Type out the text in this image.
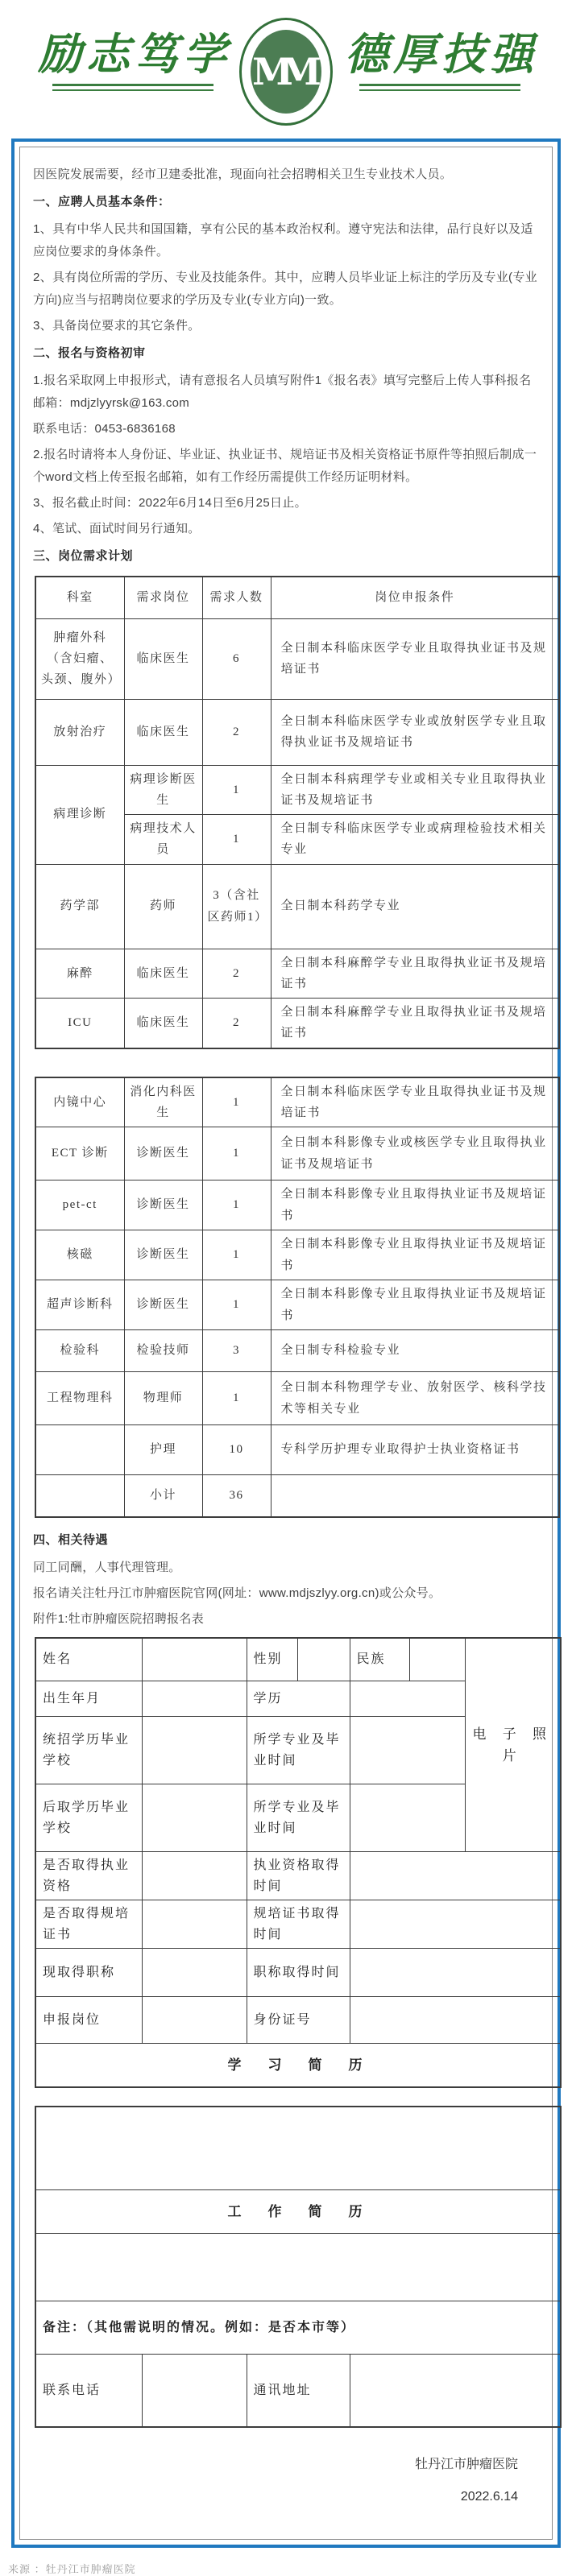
励志笃学 MM 德厚技强

因医院发展需要，经市卫建委批准，现面向社会招聘相关卫生专业技术人员。

一、应聘人员基本条件：

1、具有中华人民共和国国籍，享有公民的基本政治权利。遵守宪法和法律，品行良好以及适应岗位要求的身体条件。

2、具有岗位所需的学历、专业及技能条件。其中，应聘人员毕业证上标注的学历及专业(专业方向)应当与招聘岗位要求的学历及专业(专业方向)一致。

3、具备岗位要求的其它条件。

二、报名与资格初审

1.报名采取网上申报形式，请有意报名人员填写附件1《报名表》填写完整后上传人事科报名邮箱：mdjzlyyrsk@163.com

联系电话：0453-6836168

2.报名时请将本人身份证、毕业证、执业证书、规培证书及相关资格证书原件等拍照后制成一个word文档上传至报名邮箱，如有工作经历需提供工作经历证明材料。

3、报名截止时间：2022年6月14日至6月25日止。

4、笔试、面试时间另行通知。

三、岗位需求计划

科室	需求岗位	需求人数	岗位申报条件
肿瘤外科（含妇瘤、头颈、腹外）	临床医生	6	全日制本科临床医学专业且取得执业证书及规培证书
放射治疗	临床医生	2	全日制本科临床医学专业或放射医学专业且取得执业证书及规培证书
病理诊断	病理诊断医生	1	全日制本科病理学专业或相关专业且取得执业证书及规培证书
	病理技术人员	1	全日制专科临床医学专业或病理检验技术相关专业
药学部	药师	3（含社区药师1）	全日制本科药学专业
麻醉	临床医生	2	全日制本科麻醉学专业且取得执业证书及规培证书
ICU	临床医生	2	全日制本科麻醉学专业且取得执业证书及规培证书
内镜中心	消化内科医生	1	全日制本科临床医学专业且取得执业证书及规培证书
ECT 诊断	诊断医生	1	全日制本科影像专业或核医学专业且取得执业证书及规培证书
pet-ct	诊断医生	1	全日制本科影像专业且取得执业证书及规培证书
核磁	诊断医生	1	全日制本科影像专业且取得执业证书及规培证书
超声诊断科	诊断医生	1	全日制本科影像专业且取得执业证书及规培证书
检验科	检验技师	3	全日制专科检验专业
工程物理科	物理师	1	全日制本科物理学专业、放射医学、核科学技术等相关专业
	护理	10	专科学历护理专业取得护士执业资格证书
	小计	36	

四、相关待遇

同工同酬，人事代理管理。

报名请关注牡丹江市肿瘤医院官网(网址：www.mdjszlyy.org.cn)或公众号。

附件1:牡市肿瘤医院招聘报名表

姓名		性别		民族		电 子 照 片
出生年月		学历				
统招学历毕业学校		所学专业及毕业时间				
后取学历毕业学校		所学专业及毕业时间				
是否取得执业资格		执业资格取得时间				
是否取得规培证书		规培证书取得时间				
现取得职称		职称取得时间				
申报岗位		身份证号				
学　习　简　历						

工　作　简　历

备注：（其他需说明的情况。例如：是否本市等）
联系电话		通讯地址	
牡丹江市肿瘤医院
2022.6.14
来源 ：牡丹江市肿瘤医院
